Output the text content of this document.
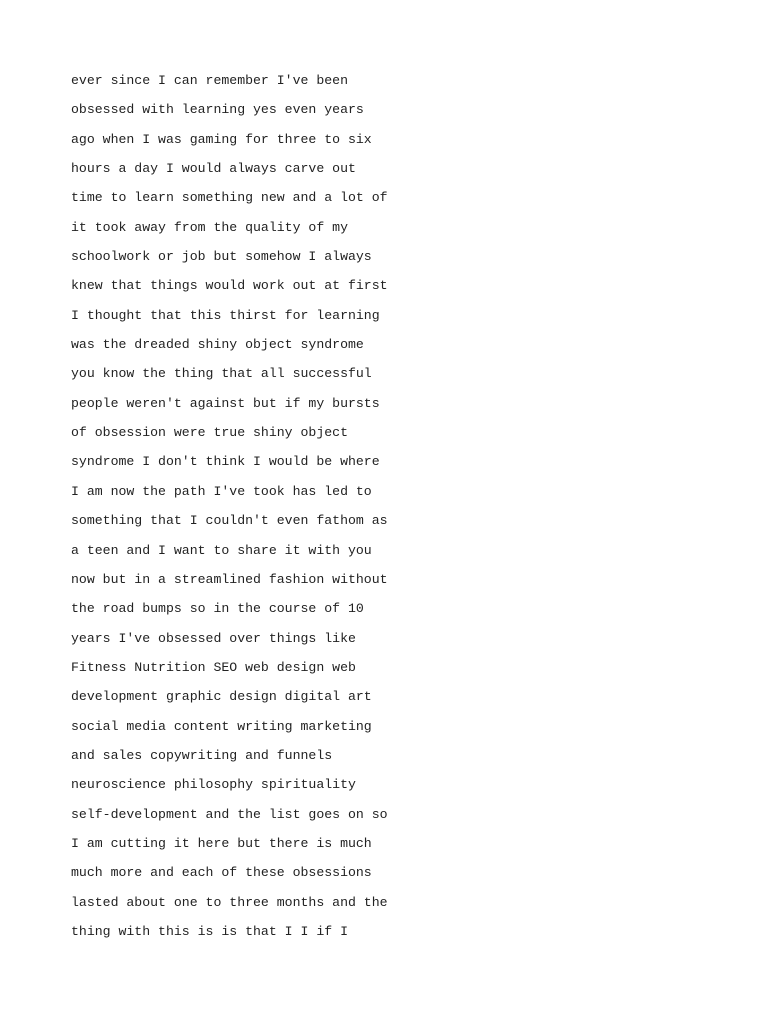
ever since I can remember I've been
obsessed with learning yes even years
ago when I was gaming for three to six
hours a day I would always carve out
time to learn something new and a lot of
it took away from the quality of my
schoolwork or job but somehow I always
knew that things would work out at first
I thought that this thirst for learning
was the dreaded shiny object syndrome
you know the thing that all successful
people weren't against but if my bursts
of obsession were true shiny object
syndrome I don't think I would be where
I am now the path I've took has led to
something that I couldn't even fathom as
a teen and I want to share it with you
now but in a streamlined fashion without
the road bumps so in the course of 10
years I've obsessed over things like
Fitness Nutrition SEO web design web
development graphic design digital art
social media content writing marketing
and sales copywriting and funnels
neuroscience philosophy spirituality
self-development and the list goes on so
I am cutting it here but there is much
much more and each of these obsessions
lasted about one to three months and the
thing with this is is that I I if I
